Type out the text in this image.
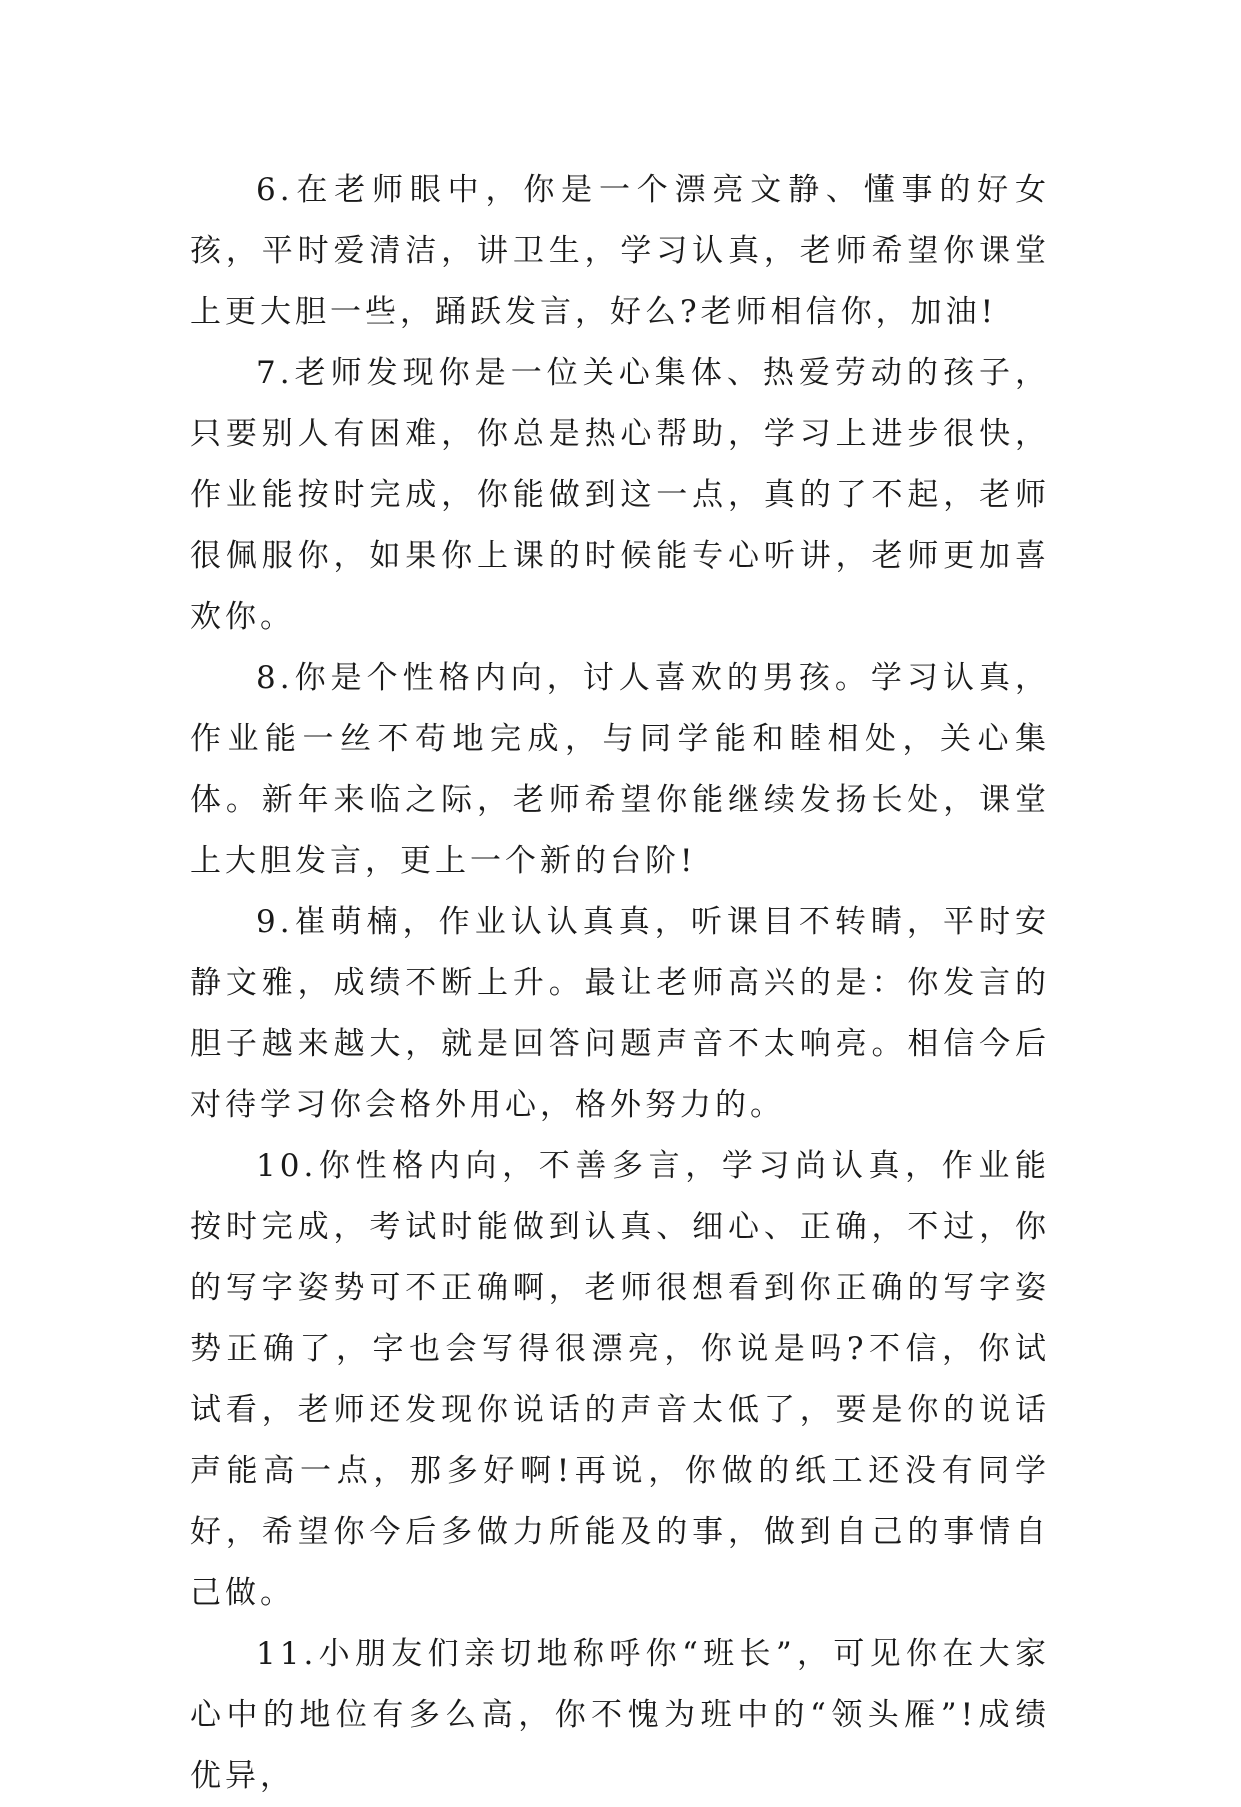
6.在老师眼中，你是一个漂亮文静、懂事的好女孩，平时爱清洁，讲卫生，学习认真，老师希望你课堂上更大胆一些，踊跃发言，好么?老师相信你，加油!

7.老师发现你是一位关心集体、热爱劳动的孩子，只要别人有困难，你总是热心帮助，学习上进步很快，作业能按时完成，你能做到这一点，真的了不起，老师很佩服你，如果你上课的时候能专心听讲，老师更加喜欢你。

8.你是个性格内向，讨人喜欢的男孩。学习认真，作业能一丝不苟地完成，与同学能和睦相处，关心集体。新年来临之际，老师希望你能继续发扬长处，课堂上大胆发言，更上一个新的台阶!

9.崔萌楠，作业认认真真，听课目不转睛，平时安静文雅，成绩不断上升。最让老师高兴的是：你发言的胆子越来越大，就是回答问题声音不太响亮。相信今后对待学习你会格外用心，格外努力的。

10.你性格内向，不善多言，学习尚认真，作业能按时完成，考试时能做到认真、细心、正确，不过，你的写字姿势可不正确啊，老师很想看到你正确的写字姿势正确了，字也会写得很漂亮，你说是吗?不信，你试试看，老师还发现你说话的声音太低了，要是你的说话声能高一点，那多好啊!再说，你做的纸工还没有同学好，希望你今后多做力所能及的事，做到自己的事情自己做。

11.小朋友们亲切地称呼你“班长”，可见你在大家心中的地位有多么高，你不愧为班中的“领头雁”!成绩优异，
